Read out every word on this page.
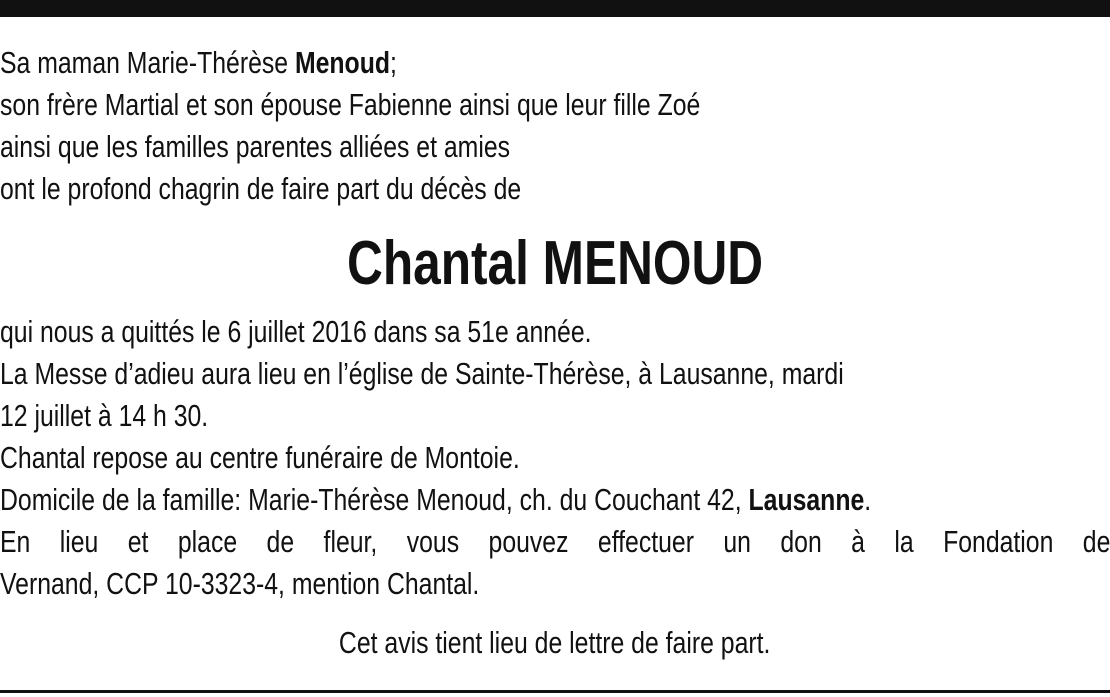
Sa maman Marie-Thérèse Menoud;

son frère Martial et son épouse Fabienne ainsi que leur fille Zoé

ainsi que les familles parentes alliées et amies

ont le profond chagrin de faire part du décès de

Chantal MENOUD

qui nous a quittés le 6 juillet 2016 dans sa 51e année.

La Messe d’adieu aura lieu en l’église de Sainte-Thérèse, à Lausanne, mardi

12 juillet à 14 h 30.

Chantal repose au centre funéraire de Montoie.

Domicile de la famille: Marie-Thérèse Menoud, ch. du Couchant 42, Lausanne.

En lieu et place de fleur, vous pouvez effectuer un don à la Fondation de

Vernand, CCP 10-3323-4, mention Chantal.

Cet avis tient lieu de lettre de faire part.
